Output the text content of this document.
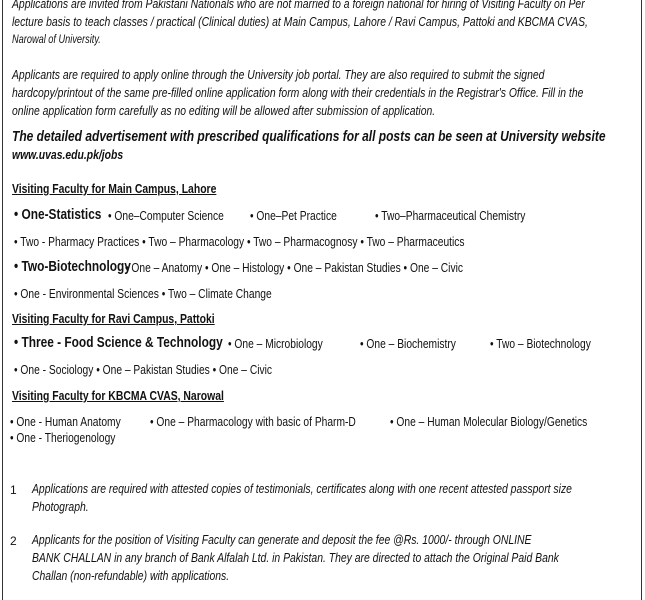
Applications are invited from Pakistani Nationals who are not married to a foreign national for hiring of Visiting Faculty on Per
lecture basis to teach classes / practical (Clinical duties) at Main Campus, Lahore / Ravi Campus, Pattoki and KBCMA CVAS,
Narowal of University.
Applicants are required to apply online through the University job portal. They are also required to submit the signed
hardcopy/printout of the same pre-filled online application form along with their credentials in the Registrar's Office. Fill in the
online application form carefully as no editing will be allowed after submission of application.
The detailed advertisement with prescribed qualifications for all posts can be seen at University website
www.uvas.edu.pk/jobs
Visiting Faculty for Main Campus, Lahore
• One-Statistics • One–Computer Science • One–Pet Practice	• Two–Pharmaceutical Chemistry
• Two - Pharmacy Practices • Two – Pharmacology • Two – Pharmacognosy • Two – Pharmaceutics
• Two-Biotechnology
• One – Anatomy • One – Histology • One – Pakistan Studies • One – Civic
• One - Environmental Sciences • Two – Climate Change
Visiting Faculty for Ravi Campus, Pattoki
• Three - Food Science & Technology • One – Microbiology	• One – Biochemistry	• Two – Biotechnology
• One - Sociology • One – Pakistan Studies • One – Civic
Visiting Faculty for KBCMA CVAS, Narowal
• One - Human Anatomy • One – Pharmacology with basic of Pharm-D	• One – Human Molecular Biology/Genetics
• One - Theriogenology
1 Applications are required with attested copies of testimonials, certificates along with one recent attested passport size
Photograph.
2 Applicants for the position of Visiting Faculty can generate and deposit the fee @Rs. 1000/- through ONLINE
BANK CHALLAN in any branch of Bank Alfalah Ltd. in Pakistan. They are directed to attach the Original Paid Bank
Challan (non-refundable) with applications.
